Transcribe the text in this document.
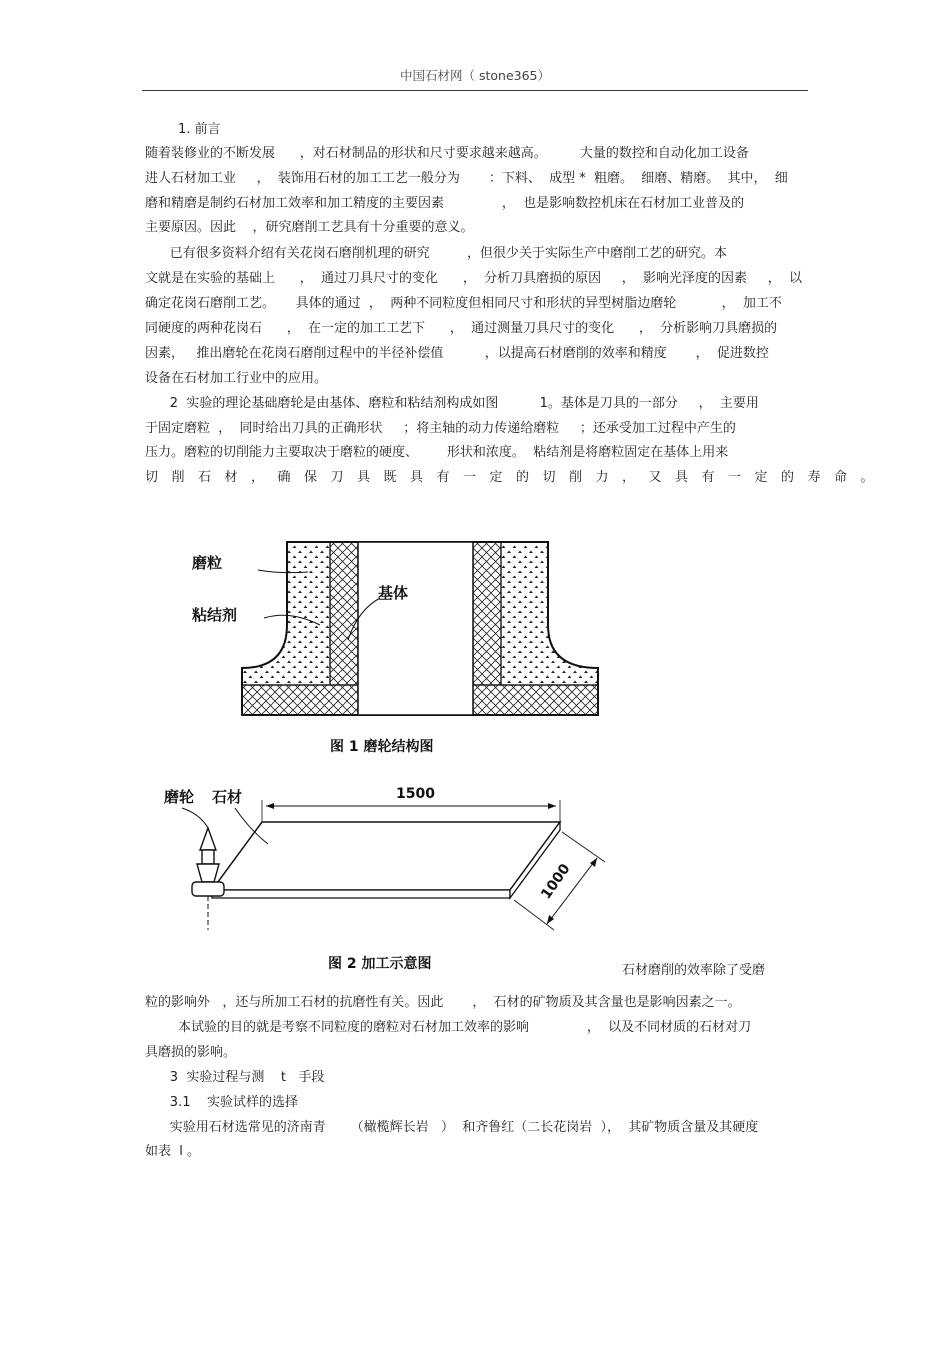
中国石材网（ stone365）
1. 前言
随着装修业的不断发展      ，对石材制品的形状和尺寸要求越来越高。        大量的数控和自动化加工设备
进人石材加工业     ，  装饰用石材的加工工艺一般分为       ：下料、  成型 *  粗磨。  细磨、精磨。  其中，  细
磨和精磨是制约石材加工效率和加工精度的主要因素              ，  也是影响数控机床在石材加工业普及的
主要原因。因此    ，研究磨削工艺具有十分重要的意义。
已有很多资料介绍有关花岗石磨削机理的研究         ，但很少关于实际生产中磨削工艺的研究。本
文就是在实验的基础上      ，  通过刀具尺寸的变化      ，  分析刀具磨损的原因     ，  影响光泽度的因素     ，  以
确定花岗石磨削工艺。     具体的通过  ，  两种不同粒度但相同尺寸和形状的异型树脂边磨轮           ，  加工不
同硬度的两种花岗石      ，  在一定的加工工艺下      ，  通过测量刀具尺寸的变化      ，  分析影响刀具磨损的
因素，   推出磨轮在花岗石磨削过程中的半径补偿值          ，以提高石材磨削的效率和精度       ，  促进数控
设备在石材加工行业中的应用。
2  实验的理论基础磨轮是由基体、磨粒和粘结剂构成如图          1。基体是刀具的一部分     ，  主要用
于固定磨粒  ，  同时给出刀具的正确形状     ；将主轴的动力传递给磨粒     ；还承受加工过程中产生的
压力。磨粒的切削能力主要取决于磨粒的硬度、       形状和浓度。  粘结剂是将磨粒固定在基体上用来
切削石材，确保刀具既具有一定的切削力，又具有一定的寿命。
磨粒
粘结剂
基体
图 1 磨轮结构图
1500
1000
磨轮 石材
图 2 加工示意图	石材磨削的效率除了受磨
粒的影响外   ，还与所加工石材的抗磨性有关。因此       ，  石材的矿物质及其含量也是影响因素之一。
本试验的目的就是考察不同粒度的磨粒对石材加工效率的影响              ，  以及不同材质的石材对刀
具磨损的影响。
3  实验过程与测    t   手段
3.1    实验试样的选择
实验用石材选常见的济南青      （橄榄辉长岩   ）  和齐鲁红（二长花岗岩  ），  其矿物质含量及其硬度
如表  l 。
